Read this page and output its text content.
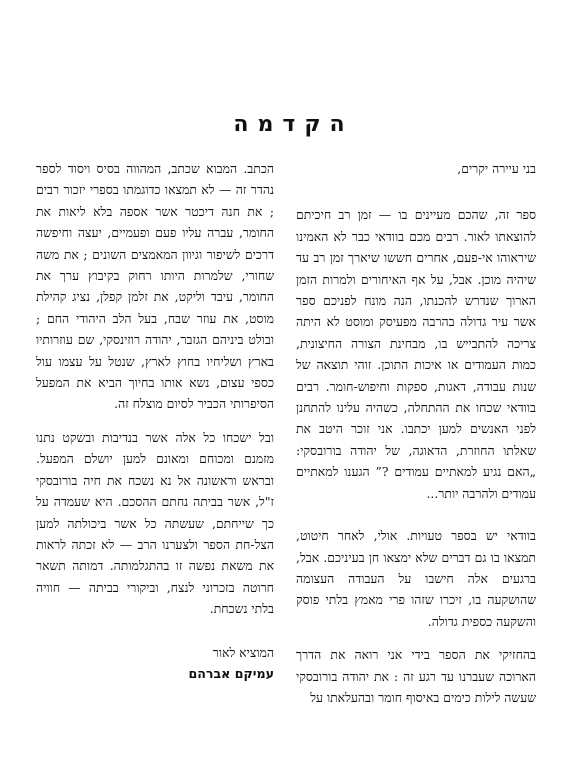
הקדמה

בני עיירה יקרים,

ספר זה, שהכם מעיינים בו — זמן רב חיכיתם להוצאתו לאור. רבים מכם בוודאי כבר לא האמינו שיראוהו אי-פעם, אחרים חששו שיארך זמן רב עד שיהיה מוכן. אבל, על אף האיחורים ולמרות הזמן הארוך שנדרש להכנתו, הנה מונח לפניכם ספר אשר עיר גדולה בהרבה מפעיסק ומוסט לא היתה צריכה להתבייש בו, מבחינת הצורה החיצונית, כמות העמודים או איכות התוכן. זוהי תוצאה של שנות עבודה, דאגות, ספקות וחיפוש-חומר. רבים בוודאי שכחו את ההתחלה, כשהיה עלינו להתחנן לפני האנשים למען יכתבו. אני זוכר היטב את שאלתו החוזרת, הדאוגה, של יהודה בורובסקי: „האם נגיע למאתיים עמודים ?” הגענו למאתיים עמודים ולהרבה יותר...

בוודאי יש בספר טעויות. אולי, לאחר חיטוט, תמצאו בו גם דברים שלא ימצאו חן בעיניכם. אבל, ברגעים אלה חישבו על העבודה העצומה שהושקעה בו, זיכרו שזהו פרי מאמץ בלתי פוסק והשקעה כספית גדולה.

בהחזיקי את הספר בידי אני רואה את הדרך הארוכה שעברנו עד רגע זה : את יהודה בורובסקי שעשה לילות כימים באיסוף חומר ובהעלאתו על

הכתב. המבוא שכתב, המהווה בסיס ויסוד לספר נהדר זה — לא תמצאו כדוגמתו בספרי יזכור רבים ; את חנה דיכטר אשר אספה בלא ליאות את החומר, עברה עליו פעם ופעמיים, יעצה וחיפשה דרכים לשיפור וגיוון המאמצים השונים ; את משה שחורי, שלמרות היותו רחוק בקיבוץ ערך את החומר, עיבד וליקט, את זלמן קפלן, נציג קהילת מוסט, את עוזר שבח, בעל הלב היהודי החם ; ובולט ביניהם הגזבר, יהודה רוזינסקי, שם עוזרותיו בארץ ושליחיו בחוץ לארץ, שנטל על עצמו עול כספי עצום, נשא אותו בחיוך הביא את המפעל הסיפרותי הכביר לסיום מוצלח זה.

ובל ישכחו כל אלה אשר בנדיבות ובשקט נתנו מזמנם ומכוחם ומאונם למען יושלם המפעל. ובראש וראשונה אל נא נשכח את חיה בורובסקי ז"ל, אשר בביתה נחתם ההסכם. היא שעמדה על כך שייחתם, שעשתה כל אשר ביכולתה למען הצל-חת הספר ולצערנו הרב — לא זכתה לראות את משאת נפשה זו בהתגלמותה. דמותה תשאר חרוטה בזכרוני לנצח, וביקורי בביתה — חוויה בלתי נשכחת.

המוציא לאור
עמיקם אברהם
